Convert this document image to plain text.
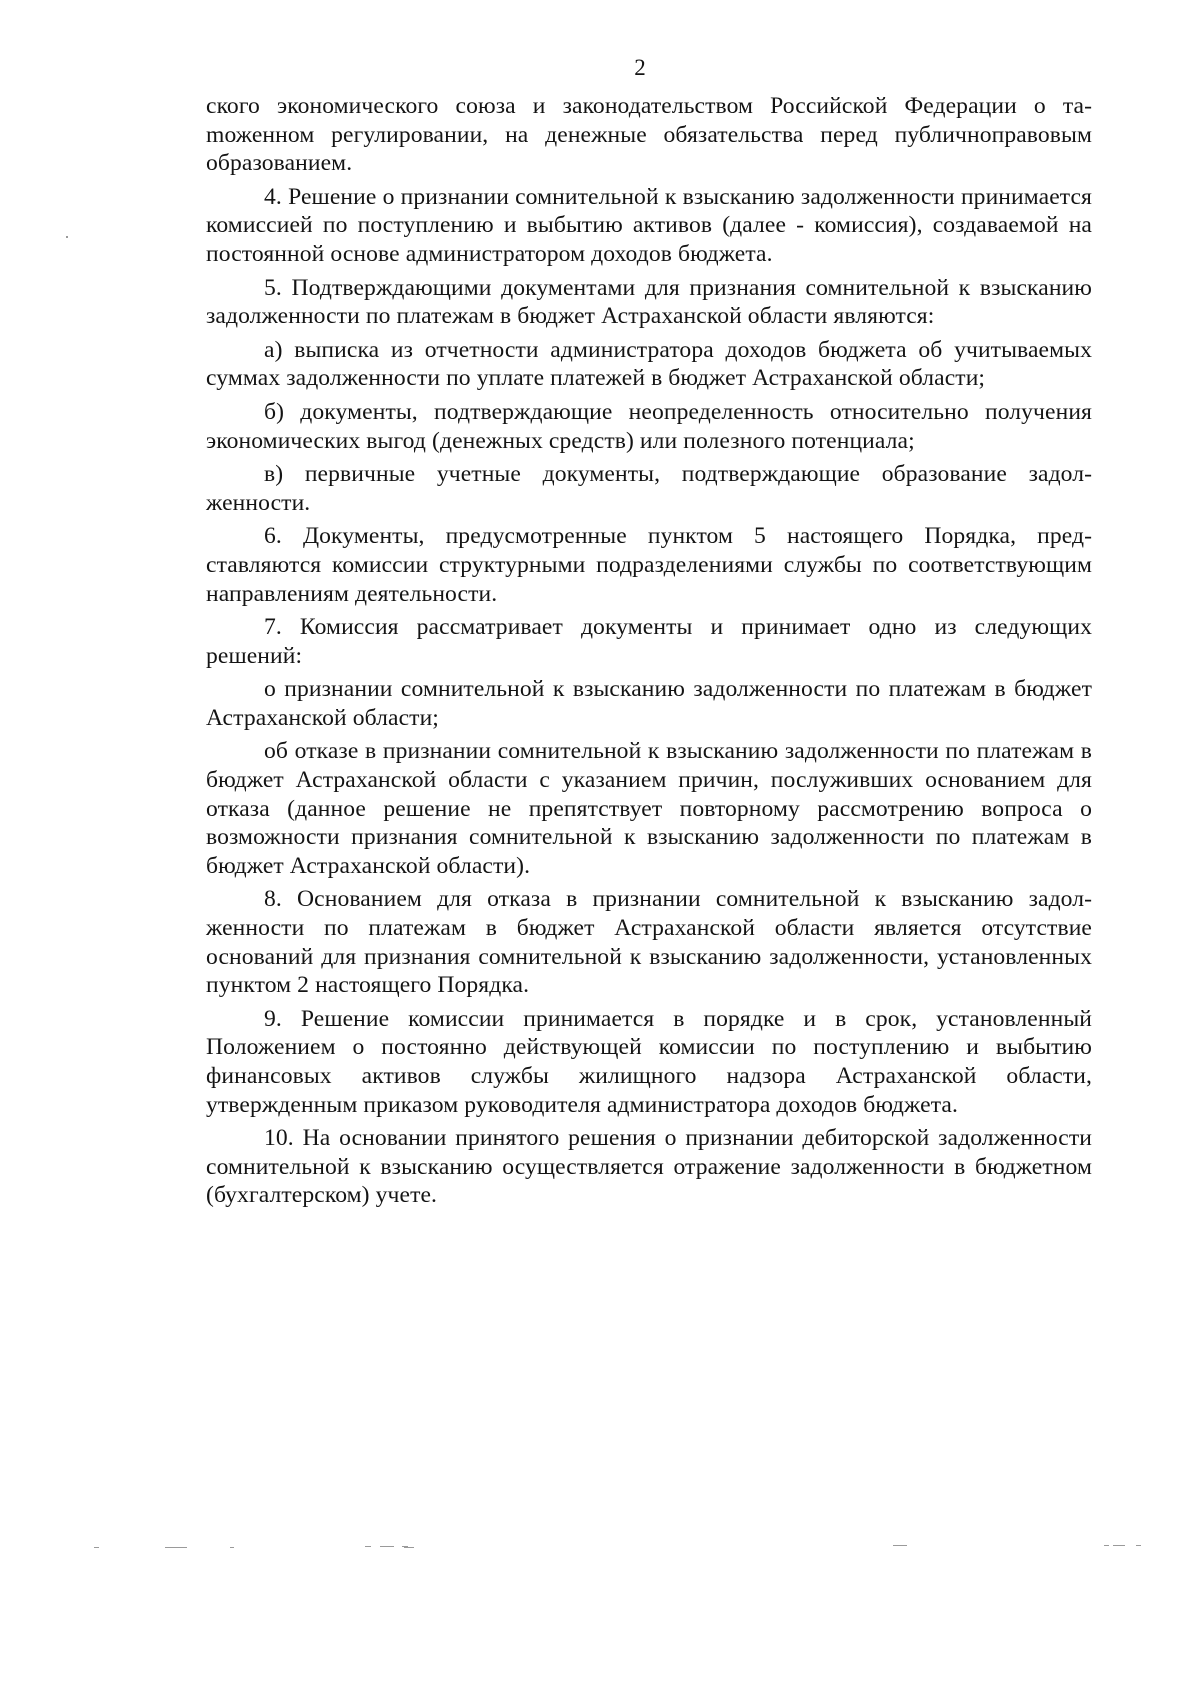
2

ского экономического союза и законодательством Российской Федерации о таmоженном регулировании, на денежные обязательства перед публичноправовым образованием.

4. Решение о признании сомнительной к взысканию задолженности принимается комиссией по поступлению и выбытию активов (далее - комиссия), создаваемой на постоянной основе администратором доходов бюджета.

5. Подтверждающими документами для признания сомнительной к взысканию задолженности по платежам в бюджет Астраханской области являются:

а) выписка из отчетности администратора доходов бюджета об учитываемых суммах задолженности по уплате платежей в бюджет Астраханской области;

б) документы, подтверждающие неопределенность относительно получения экономических выгод (денежных средств) или полезного потенциала;

в) первичные учетные документы, подтверждающие образование задолженности.

6. Документы, предусмотренные пунктом 5 настоящего Порядка, представляются комиссии структурными подразделениями службы по соответствующим направлениям деятельности.

7. Комиссия рассматривает документы и принимает одно из следующих решений:

о признании сомнительной к взысканию задолженности по платежам в бюджет Астраханской области;

об отказе в признании сомнительной к взысканию задолженности по платежам в бюджет Астраханской области с указанием причин, послуживших основанием для отказа (данное решение не препятствует повторному рассмотрению вопроса о возможности признания сомнительной к взысканию задолженности по платежам в бюджет Астраханской области).

8. Основанием для отказа в признании сомнительной к взысканию задолженности по платежам в бюджет Астраханской области является отсутствие оснований для признания сомнительной к взысканию задолженности, установленных пунктом 2 настоящего Порядка.

9. Решение комиссии принимается в порядке и в срок, установленный Положением о постоянно действующей комиссии по поступлению и выбытию финансовых активов службы жилищного надзора Астраханской области, утвержденным приказом руководителя администратора доходов бюджета.

10. На основании принятого решения о признании дебиторской задолженности сомнительной к взысканию осуществляется отражение задолженности в бюджетном (бухгалтерском) учете.
